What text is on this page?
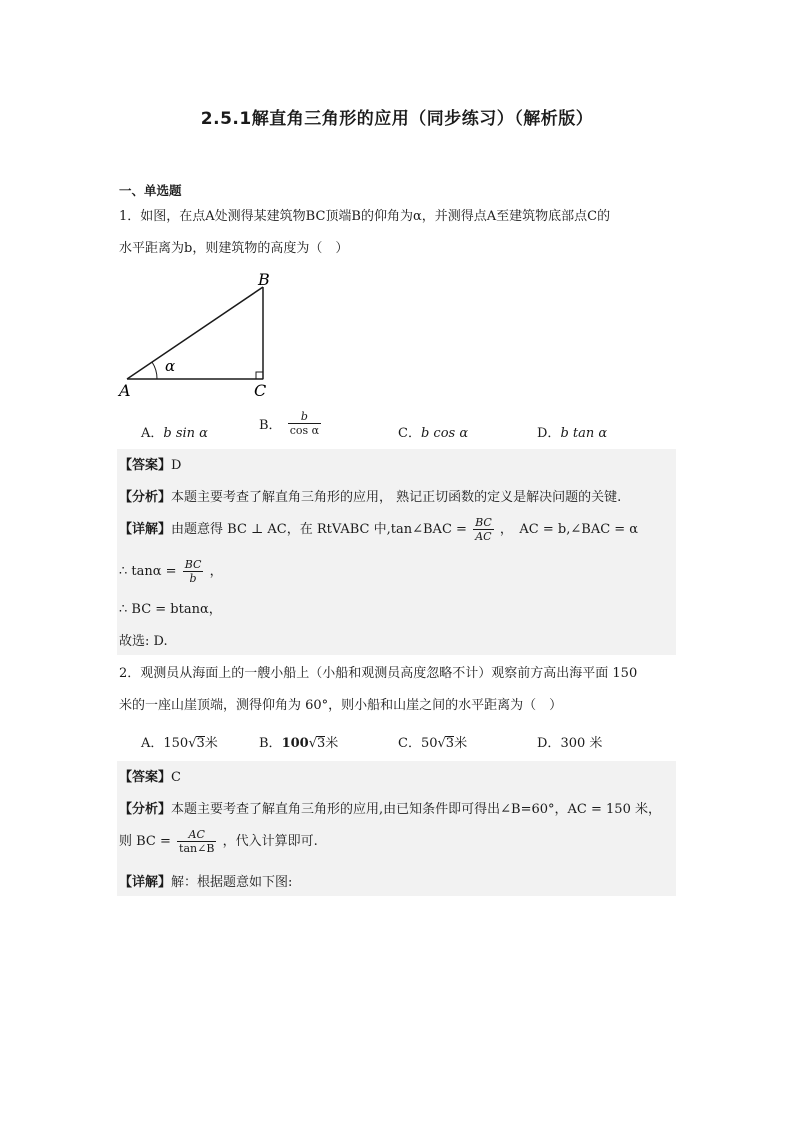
2.5.1解直角三角形的应用（同步练习）（解析版）
一、单选题
1．如图，在点A处测得某建筑物BC顶端B的仰角为α，并测得点A至建筑物底部点C的
水平距离为b，则建筑物的高度为（　）
A
B
C
α
A．b sin α
B． $\frac{b}{\text{cos α}}$	C．b cos α	D．b tan α
【答案】D
【分析】本题主要考查了解直角三角形的应用， 熟记正切函数的定义是解决问题的关键.
【详解】由题意得 BC ⊥ AC，在 RtVABC 中,tan∠BAC = $\frac{BC}{AC}$ ，　AC = b,∠BAC = α
∴ $\tan\alpha = \frac{BC}{b}$ ，
∴ BC = btanα，
故选: D.
2．观测员从海面上的一艘小船上（小船和观测员高度忽略不计）观察前方高出海平面 150
米的一座山崖顶端，测得仰角为 60°，则小船和山崖之间的水平距离为（　）
A．150√3米	B．100√3米	C．50√3米	D．300 米
【答案】C
【分析】本题主要考查了解直角三角形的应用,由已知条件即可得出∠B=60°，AC = 150 米，
则 BC = $\frac{AC}{\tan\angle B}$ ，代入计算即可.
【详解】解：根据题意如下图:
